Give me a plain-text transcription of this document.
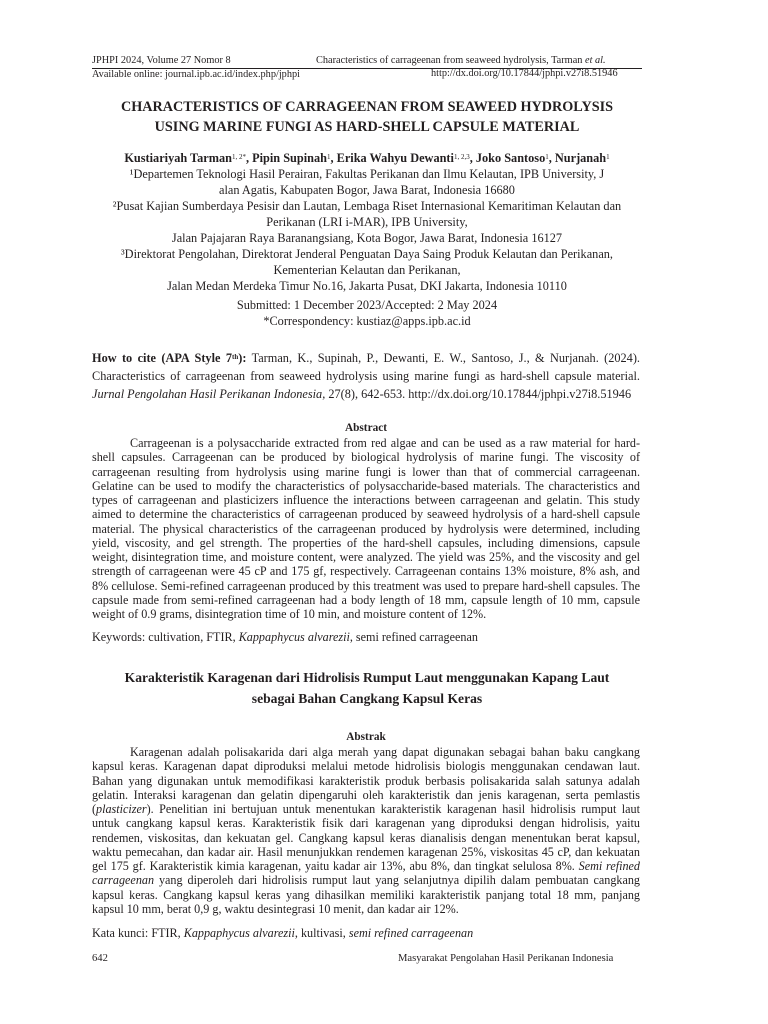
JPHPI 2024, Volume 27 Nomor 8	Characteristics of carrageenan from seaweed hydrolysis, Tarman et al.
Available online: journal.ipb.ac.id/index.php/jphpi	http://dx.doi.org/10.17844/jphpi.v27i8.51946
CHARACTERISTICS OF CARRAGEENAN FROM SEAWEED HYDROLYSIS
USING MARINE FUNGI AS HARD-SHELL CAPSULE MATERIAL
Kustiariyah Tarman$^{1, 2*}$, Pipin Supinah$^1$, Erika Wahyu Dewanti$^{1, 2,3}$, Joko Santoso$^1$, Nurjanah$^1$
¹Departemen Teknologi Hasil Perairan, Fakultas Perikanan dan Ilmu Kelautan, IPB University, J
alan Agatis, Kabupaten Bogor, Jawa Barat, Indonesia 16680
²Pusat Kajian Sumberdaya Pesisir dan Lautan, Lembaga Riset Internasional Kemaritiman Kelautan dan
Perikanan (LRI i-MAR), IPB University,
Jalan Pajajaran Raya Baranangsiang, Kota Bogor, Jawa Barat, Indonesia 16127
³Direktorat Pengolahan, Direktorat Jenderal Penguatan Daya Saing Produk Kelautan dan Perikanan,
Kementerian Kelautan dan Perikanan,
Jalan Medan Merdeka Timur No.16, Jakarta Pusat, DKI Jakarta, Indonesia 10110
Submitted: 1 December 2023/Accepted: 2 May 2024
*Correspondency: kustiaz@apps.ipb.ac.id
How to cite (APA Style 7th): Tarman, K., Supinah, P., Dewanti, E. W., Santoso, J., & Nurjanah. (2024). Characteristics of carrageenan from seaweed hydrolysis using marine fungi as hard-shell capsule material. Jurnal Pengolahan Hasil Perikanan Indonesia, 27(8), 642-653. http://dx.doi.org/10.17844/jphpi.v27i8.51946
Abstract
Carrageenan is a polysaccharide extracted from red algae and can be used as a raw material for hard-shell capsules. Carrageenan can be produced by biological hydrolysis of marine fungi. The viscosity of carrageenan resulting from hydrolysis using marine fungi is lower than that of commercial carrageenan. Gelatine can be used to modify the characteristics of polysaccharide-based materials. The characteristics and types of carrageenan and plasticizers influence the interactions between carrageenan and gelatin. This study aimed to determine the characteristics of carrageenan produced by seaweed hydrolysis of a hard-shell capsule material. The physical characteristics of the carrageenan produced by hydrolysis were determined, including yield, viscosity, and gel strength. The properties of the hard-shell capsules, including dimensions, capsule weight, disintegration time, and moisture content, were analyzed. The yield was 25%, and the viscosity and gel strength of carrageenan were 45 cP and 175 gf, respectively. Carrageenan contains 13% moisture, 8% ash, and 8% cellulose. Semi-refined carrageenan produced by this treatment was used to prepare hard-shell capsules. The capsule made from semi-refined carrageenan had a body length of 18 mm, capsule length of 10 mm, capsule weight of 0.9 grams, disintegration time of 10 min, and moisture content of 12%.
Keywords: cultivation, FTIR, Kappaphycus alvarezii, semi refined carrageenan
Karakteristik Karagenan dari Hidrolisis Rumput Laut menggunakan Kapang Laut
sebagai Bahan Cangkang Kapsul Keras
Abstrak
Karagenan adalah polisakarida dari alga merah yang dapat digunakan sebagai bahan baku cangkang kapsul keras. Karagenan dapat diproduksi melalui metode hidrolisis biologis menggunakan cendawan laut. Bahan yang digunakan untuk memodifikasi karakteristik produk berbasis polisakarida salah satunya adalah gelatin. Interaksi karagenan dan gelatin dipengaruhi oleh karakteristik dan jenis karagenan, serta pemlastis (plasticizer). Penelitian ini bertujuan untuk menentukan karakteristik karagenan hasil hidrolisis rumput laut untuk cangkang kapsul keras. Karakteristik fisik dari karagenan yang diproduksi dengan hidrolisis, yaitu rendemen, viskositas, dan kekuatan gel. Cangkang kapsul keras dianalisis dengan menentukan berat kapsul, waktu pemecahan, dan kadar air. Hasil menunjukkan rendemen karagenan 25%, viskositas 45 cP, dan kekuatan gel 175 gf. Karakteristik kimia karagenan, yaitu kadar air 13%, abu 8%, dan tingkat selulosa 8%. Semi refined carrageenan yang diperoleh dari hidrolisis rumput laut yang selanjutnya dipilih dalam pembuatan cangkang kapsul keras. Cangkang kapsul keras yang dihasilkan memiliki karakteristik panjang total 18 mm, panjang kapsul 10 mm, berat 0,9 g, waktu desintegrasi 10 menit, dan kadar air 12%.
Kata kunci: FTIR, Kappaphycus alvarezii, kultivasi, semi refined carrageenan
642	Masyarakat Pengolahan Hasil Perikanan Indonesia
